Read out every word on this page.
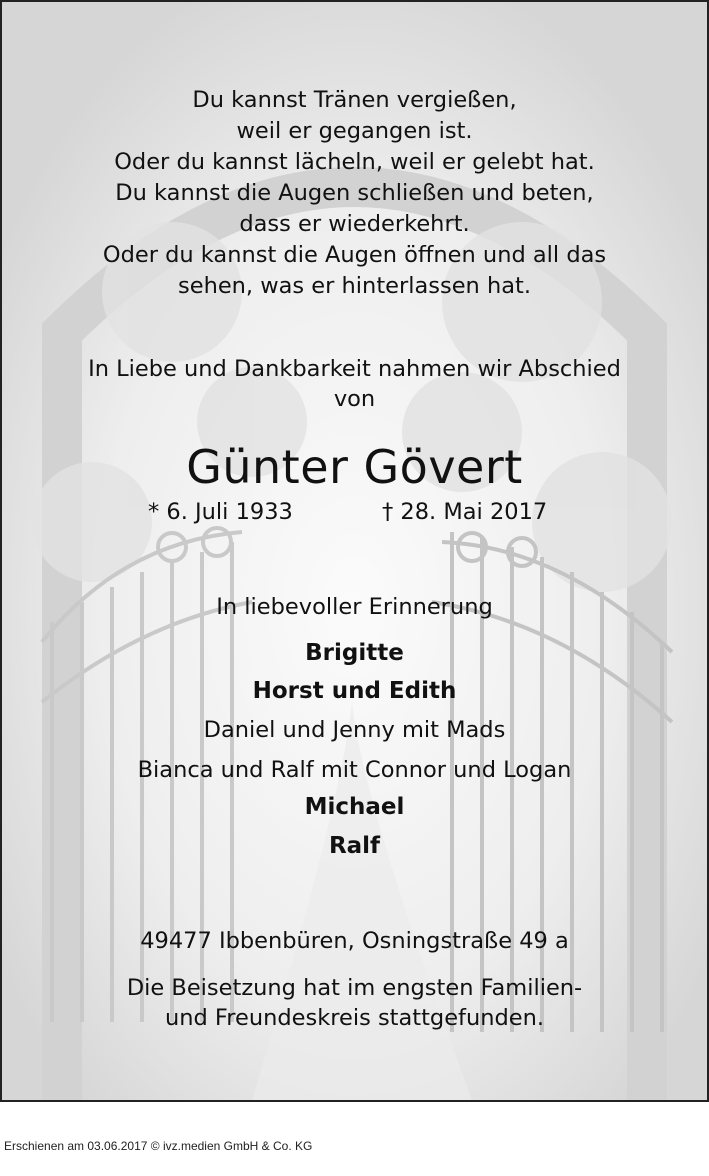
Du kannst Tränen vergießen,
weil er gegangen ist.
Oder du kannst lächeln, weil er gelebt hat.
Du kannst die Augen schließen und beten,
dass er wiederkehrt.
Oder du kannst die Augen öffnen und all das
sehen, was er hinterlassen hat.
In Liebe und Dankbarkeit nahmen wir Abschied
von
Günter Gövert
* 6. Juli 1933	† 28. Mai 2017
In liebevoller Erinnerung
Brigitte
Horst und Edith
Daniel und Jenny mit Mads
Bianca und Ralf mit Connor und Logan
Michael
Ralf
49477 Ibbenbüren, Osningstraße 49 a
Die Beisetzung hat im engsten Familien-
und Freundeskreis stattgefunden.
Erschienen am 03.06.2017 © ivz.medien GmbH & Co. KG
